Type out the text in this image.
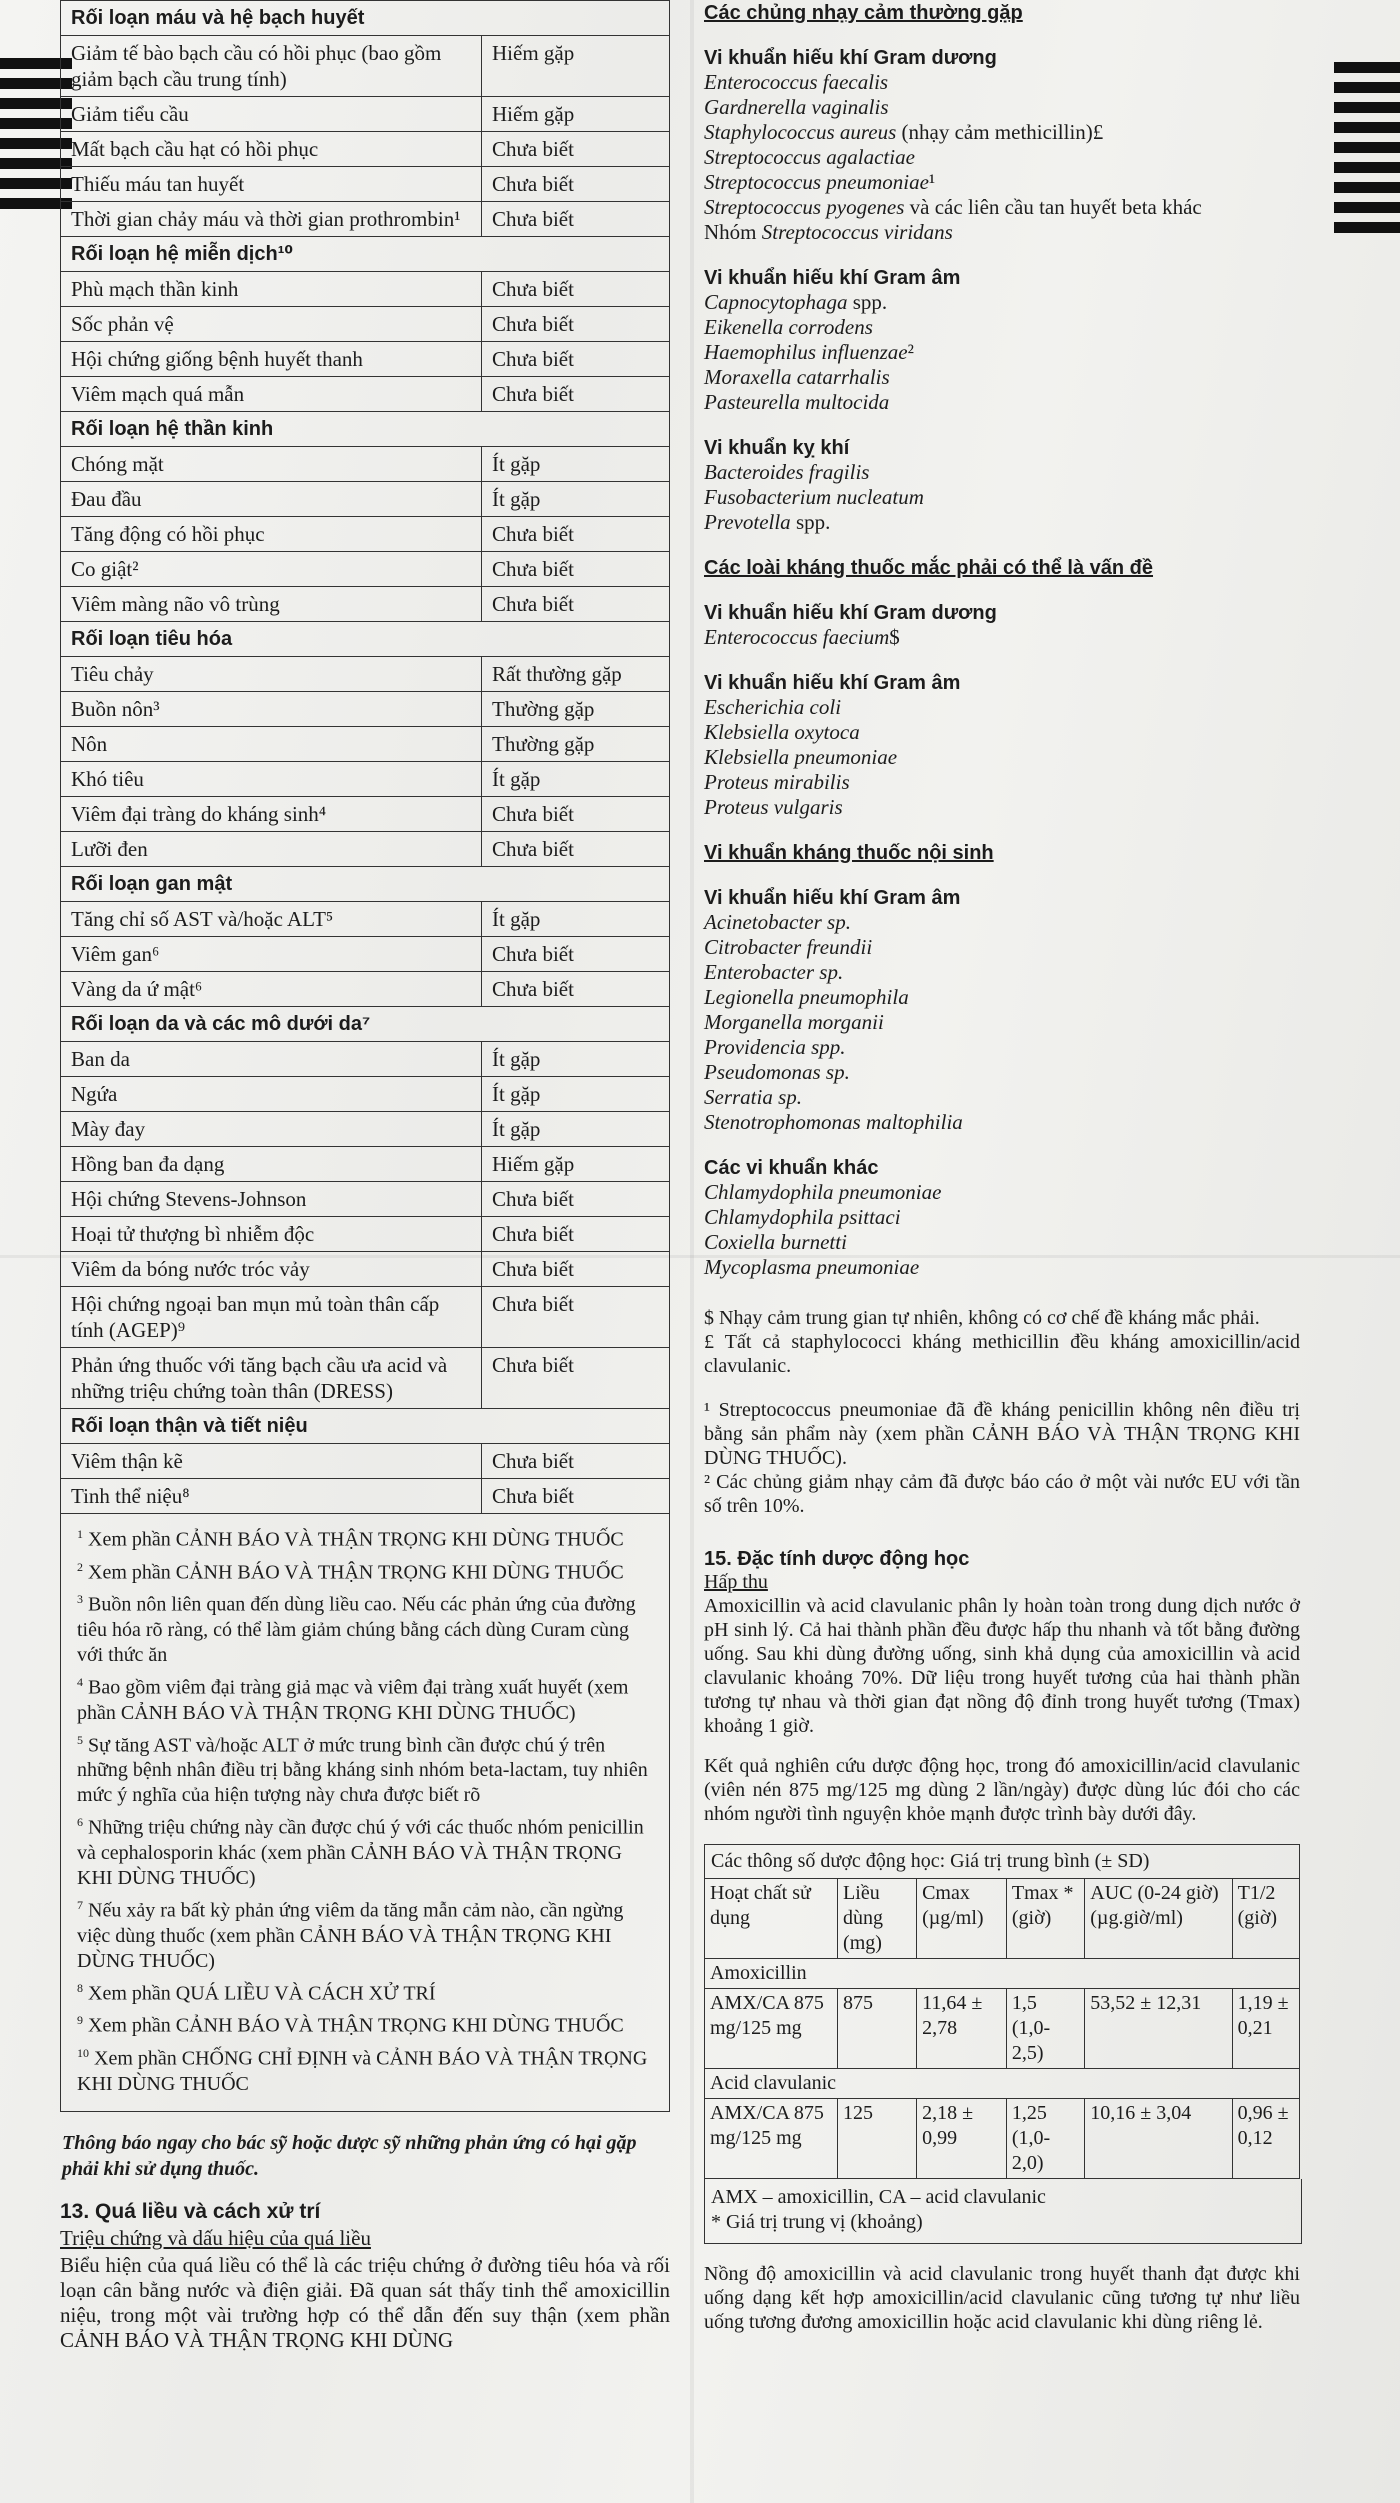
Rối loạn máu và hệ bạch huyết	
Giảm tế bào bạch cầu có hồi phục (bao gồm giảm bạch cầu trung tính)	Hiếm gặp
Giảm tiểu cầu	Hiếm gặp
Mất bạch cầu hạt có hồi phục	Chưa biết
Thiếu máu tan huyết	Chưa biết
Thời gian chảy máu và thời gian prothrombin¹	Chưa biết
Rối loạn hệ miễn dịch¹⁰	
Phù mạch thần kinh	Chưa biết
Sốc phản vệ	Chưa biết
Hội chứng giống bệnh huyết thanh	Chưa biết
Viêm mạch quá mẫn	Chưa biết
Rối loạn hệ thần kinh	
Chóng mặt	Ít gặp
Đau đầu	Ít gặp
Tăng động có hồi phục	Chưa biết
Co giật²	Chưa biết
Viêm màng não vô trùng	Chưa biết
Rối loạn tiêu hóa	
Tiêu chảy	Rất thường gặp
Buồn nôn³	Thường gặp
Nôn	Thường gặp
Khó tiêu	Ít gặp
Viêm đại tràng do kháng sinh⁴	Chưa biết
Lưỡi đen	Chưa biết
Rối loạn gan mật	
Tăng chỉ số AST và/hoặc ALT⁵	Ít gặp
Viêm gan⁶	Chưa biết
Vàng da ứ mật⁶	Chưa biết
Rối loạn da và các mô dưới da⁷	
Ban da	Ít gặp
Ngứa	Ít gặp
Mày đay	Ít gặp
Hồng ban đa dạng	Hiếm gặp
Hội chứng Stevens-Johnson	Chưa biết
Hoại tử thượng bì nhiễm độc	Chưa biết
Viêm da bóng nước tróc vảy	Chưa biết
Hội chứng ngoại ban mụn mủ toàn thân cấp tính (AGEP)⁹	Chưa biết
Phản ứng thuốc với tăng bạch cầu ưa acid và những triệu chứng toàn thân (DRESS)	Chưa biết
Rối loạn thận và tiết niệu	
Viêm thận kẽ	Chưa biết
Tinh thể niệu⁸	Chưa biết

$^1$ Xem phần CẢNH BÁO VÀ THẬN TRỌNG KHI DÙNG THUỐC

$^2$ Xem phần CẢNH BÁO VÀ THẬN TRỌNG KHI DÙNG THUỐC

$^3$ Buồn nôn liên quan đến dùng liều cao. Nếu các phản ứng của đường tiêu hóa rõ ràng, có thể làm giảm chúng bằng cách dùng Curam cùng với thức ăn

$^4$ Bao gồm viêm đại tràng giả mạc và viêm đại tràng xuất huyết (xem phần CẢNH BÁO VÀ THẬN TRỌNG KHI DÙNG THUỐC)

$^5$ Sự tăng AST và/hoặc ALT ở mức trung bình cần được chú ý trên những bệnh nhân điều trị bằng kháng sinh nhóm beta-lactam, tuy nhiên mức ý nghĩa của hiện tượng này chưa được biết rõ

$^6$ Những triệu chứng này cần được chú ý với các thuốc nhóm penicillin và cephalosporin khác (xem phần CẢNH BÁO VÀ THẬN TRỌNG KHI DÙNG THUỐC)

$^7$ Nếu xảy ra bất kỳ phản ứng viêm da tăng mẫn cảm nào, cần ngừng việc dùng thuốc (xem phần CẢNH BÁO VÀ THẬN TRỌNG KHI DÙNG THUỐC)

$^8$ Xem phần QUÁ LIỀU VÀ CÁCH XỬ TRÍ

$^9$ Xem phần CẢNH BÁO VÀ THẬN TRỌNG KHI DÙNG THUỐC

$^{10}$ Xem phần CHỐNG CHỈ ĐỊNH và CẢNH BÁO VÀ THẬN TRỌNG KHI DÙNG THUỐC

Thông báo ngay cho bác sỹ hoặc dược sỹ những phản ứng có hại gặp phải khi sử dụng thuốc.

13. Quá liều và cách xử trí

Triệu chứng và dấu hiệu của quá liều

Biểu hiện của quá liều có thể là các triệu chứng ở đường tiêu hóa và rối loạn cân bằng nước và điện giải. Đã quan sát thấy tinh thể amoxicillin niệu, trong một vài trường hợp có thể dẫn đến suy thận (xem phần CẢNH BÁO VÀ THẬN TRỌNG KHI DÙNG

Các chủng nhạy cảm thường gặp

Vi khuẩn hiếu khí Gram dương

Enterococcus faecalis

Gardnerella vaginalis

Staphylococcus aureus (nhạy cảm methicillin)£

Streptococcus agalactiae

Streptococcus pneumoniae¹

Streptococcus pyogenes và các liên cầu tan huyết beta khác

Nhóm Streptococcus viridans

Vi khuẩn hiếu khí Gram âm

Capnocytophaga spp.

Eikenella corrodens

Haemophilus influenzae²

Moraxella catarrhalis

Pasteurella multocida

Vi khuẩn kỵ khí

Bacteroides fragilis

Fusobacterium nucleatum

Prevotella spp.

Các loài kháng thuốc mắc phải có thể là vấn đề

Vi khuẩn hiếu khí Gram dương

Enterococcus faecium$

Vi khuẩn hiếu khí Gram âm

Escherichia coli

Klebsiella oxytoca

Klebsiella pneumoniae

Proteus mirabilis

Proteus vulgaris

Vi khuẩn kháng thuốc nội sinh

Vi khuẩn hiếu khí Gram âm

Acinetobacter sp.

Citrobacter freundii

Enterobacter sp.

Legionella pneumophila

Morganella morganii

Providencia spp.

Pseudomonas sp.

Serratia sp.

Stenotrophomonas maltophilia

Các vi khuẩn khác

Chlamydophila pneumoniae

Chlamydophila psittaci

Coxiella burnetti

Mycoplasma pneumoniae

$ Nhạy cảm trung gian tự nhiên, không có cơ chế đề kháng mắc phải.

£ Tất cả staphylococci kháng methicillin đều kháng amoxicillin/acid clavulanic.

¹ Streptococcus pneumoniae đã đề kháng penicillin không nên điều trị bằng sản phẩm này (xem phần CẢNH BÁO VÀ THẬN TRỌNG KHI DÙNG THUỐC).

² Các chủng giảm nhạy cảm đã được báo cáo ở một vài nước EU với tần số trên 10%.

15. Đặc tính dược động học

Hấp thu

Amoxicillin và acid clavulanic phân ly hoàn toàn trong dung dịch nước ở pH sinh lý. Cả hai thành phần đều được hấp thu nhanh và tốt bằng đường uống. Sau khi dùng đường uống, sinh khả dụng của amoxicillin và acid clavulanic khoảng 70%. Dữ liệu trong huyết tương của hai thành phần tương tự nhau và thời gian đạt nồng độ đỉnh trong huyết tương (Tmax) khoảng 1 giờ.

Kết quả nghiên cứu dược động học, trong đó amoxicillin/acid clavulanic (viên nén 875 mg/125 mg dùng 2 lần/ngày) được dùng lúc đói cho các nhóm người tình nguyện khỏe mạnh được trình bày dưới đây.

Các thông số dược động học: Giá trị trung bình (± SD)					
Hoạt chất sử dụng	Liều dùng (mg)	Cmax (µg/ml)	Tmax * (giờ)	AUC (0-24 giờ) (µg.giờ/ml)	T1/2 (giờ)
Amoxicillin					
AMX/CA 875 mg/125 mg	875	11,64 ± 2,78	1,5 (1,0-2,5)	53,52 ± 12,31	1,19 ± 0,21
Acid clavulanic					
AMX/CA 875 mg/125 mg	125	2,18 ± 0,99	1,25 (1,0-2,0)	10,16 ± 3,04	0,96 ± 0,12
AMX – amoxicillin, CA – acid clavulanic
* Giá trị trung vị (khoảng)

Nồng độ amoxicillin và acid clavulanic trong huyết thanh đạt được khi uống dạng kết hợp amoxicillin/acid clavulanic cũng tương tự như liều uống tương đương amoxicillin hoặc acid clavulanic khi dùng riêng lẻ.
